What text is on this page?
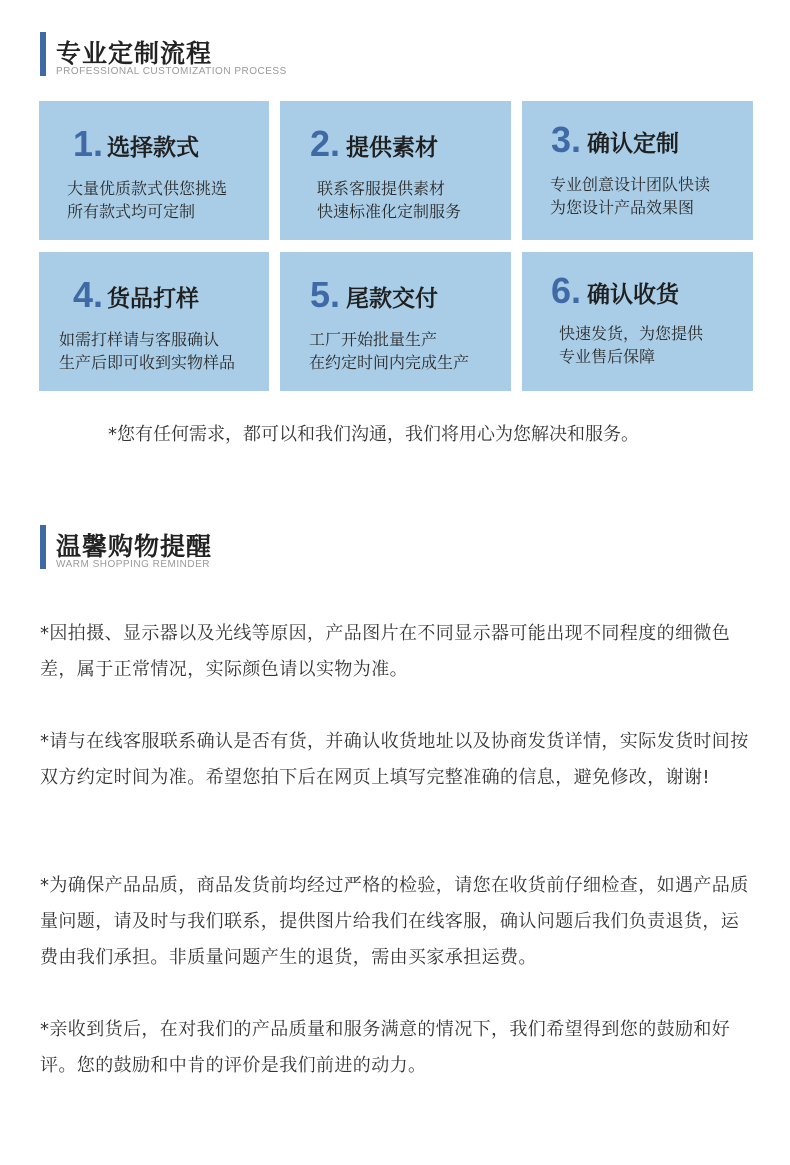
专业定制流程
PROFESSIONAL CUSTOMIZATION PROCESS
1. 选择款式
大量优质款式供您挑选
所有款式均可定制
2. 提供素材
联系客服提供素材
快速标准化定制服务
3. 确认定制
专业创意设计团队快读
为您设计产品效果图
4. 货品打样
如需打样请与客服确认
生产后即可收到实物样品
5. 尾款交付
工厂开始批量生产
在约定时间内完成生产
6. 确认收货
快速发货，为您提供
专业售后保障
*您有任何需求，都可以和我们沟通，我们将用心为您解决和服务。
温馨购物提醒
WARM SHOPPING REMINDER

*因拍摄、显示器以及光线等原因，产品图片在不同显示器可能出现不同程度的细微色差，属于正常情况，实际颜色请以实物为准。

*请与在线客服联系确认是否有货，并确认收货地址以及协商发货详情，实际发货时间按双方约定时间为准。希望您拍下后在网页上填写完整准确的信息，避免修改，谢谢!

*为确保产品品质，商品发货前均经过严格的检验，请您在收货前仔细检查，如遇产品质量问题，请及时与我们联系，提供图片给我们在线客服，确认问题后我们负责退货，运费由我们承担。非质量问题产生的退货，需由买家承担运费。

*亲收到货后，在对我们的产品质量和服务满意的情况下，我们希望得到您的鼓励和好评。您的鼓励和中肯的评价是我们前进的动力。
